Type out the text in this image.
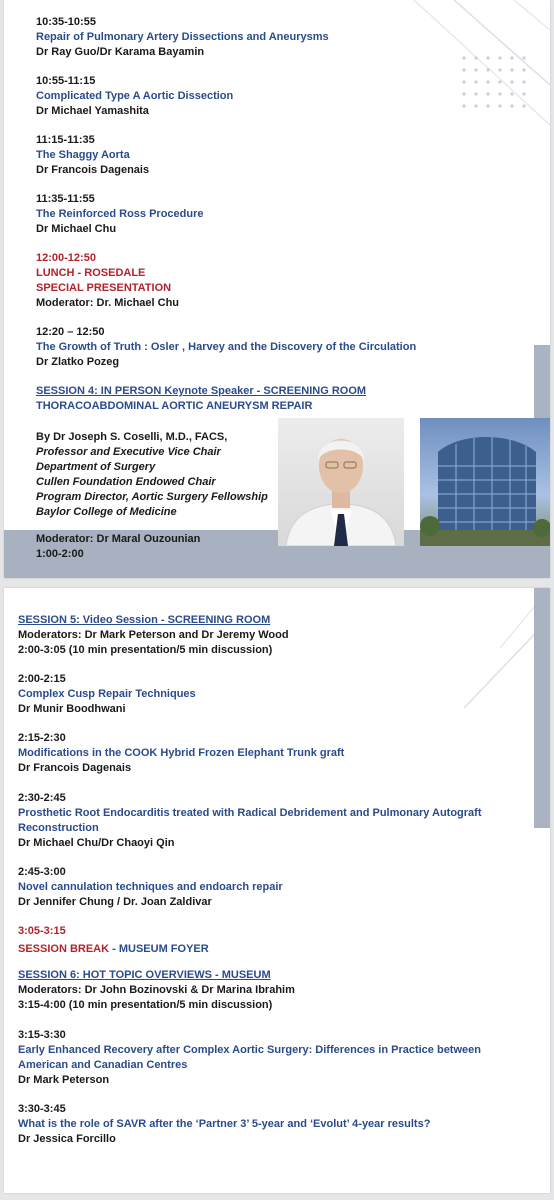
10:35-10:55
Repair of Pulmonary Artery Dissections and Aneurysms
Dr Ray Guo/Dr Karama Bayamin
10:55-11:15
Complicated Type A Aortic Dissection
Dr Michael Yamashita
11:15-11:35
The Shaggy Aorta
Dr Francois Dagenais
11:35-11:55
The Reinforced Ross Procedure
Dr Michael Chu
12:00-12:50
LUNCH - ROSEDALE
SPECIAL PRESENTATION
Moderator: Dr. Michael Chu
12:20 – 12:50
The Growth of Truth : Osler , Harvey and the Discovery of the Circulation
Dr Zlatko Pozeg
SESSION 4: IN PERSON Keynote Speaker - SCREENING ROOM
THORACOABDOMINAL AORTIC ANEURYSM REPAIR
By Dr Joseph S. Coselli, M.D., FACS,
Professor and Executive Vice Chair
Department of Surgery
Cullen Foundation Endowed Chair
Program Director, Aortic Surgery Fellowship
Baylor College of Medicine
Moderator: Dr Maral Ouzounian
1:00-2:00
SESSION 5: Video Session - SCREENING ROOM
Moderators: Dr Mark Peterson and Dr Jeremy Wood
2:00-3:05 (10 min presentation/5 min discussion)
2:00-2:15
Complex Cusp Repair Techniques
Dr Munir Boodhwani
2:15-2:30
Modifications in the COOK Hybrid Frozen Elephant Trunk graft
Dr Francois Dagenais
2:30-2:45
Prosthetic Root Endocarditis treated with Radical Debridement and Pulmonary Autograft Reconstruction
Dr Michael Chu/Dr Chaoyi Qin
2:45-3:00
Novel cannulation techniques and endoarch repair
Dr Jennifer Chung / Dr. Joan Zaldivar
3:05-3:15
SESSION BREAK - MUSEUM FOYER
SESSION 6: HOT TOPIC OVERVIEWS - MUSEUM
Moderators: Dr John Bozinovski & Dr Marina Ibrahim
3:15-4:00 (10 min presentation/5 min discussion)
3:15-3:30
Early Enhanced Recovery after Complex Aortic Surgery: Differences in Practice between American and Canadian Centres
Dr Mark Peterson
3:30-3:45
What is the role of SAVR after the ‘Partner 3’ 5-year and ‘Evolut’ 4-year results?
Dr Jessica Forcillo
